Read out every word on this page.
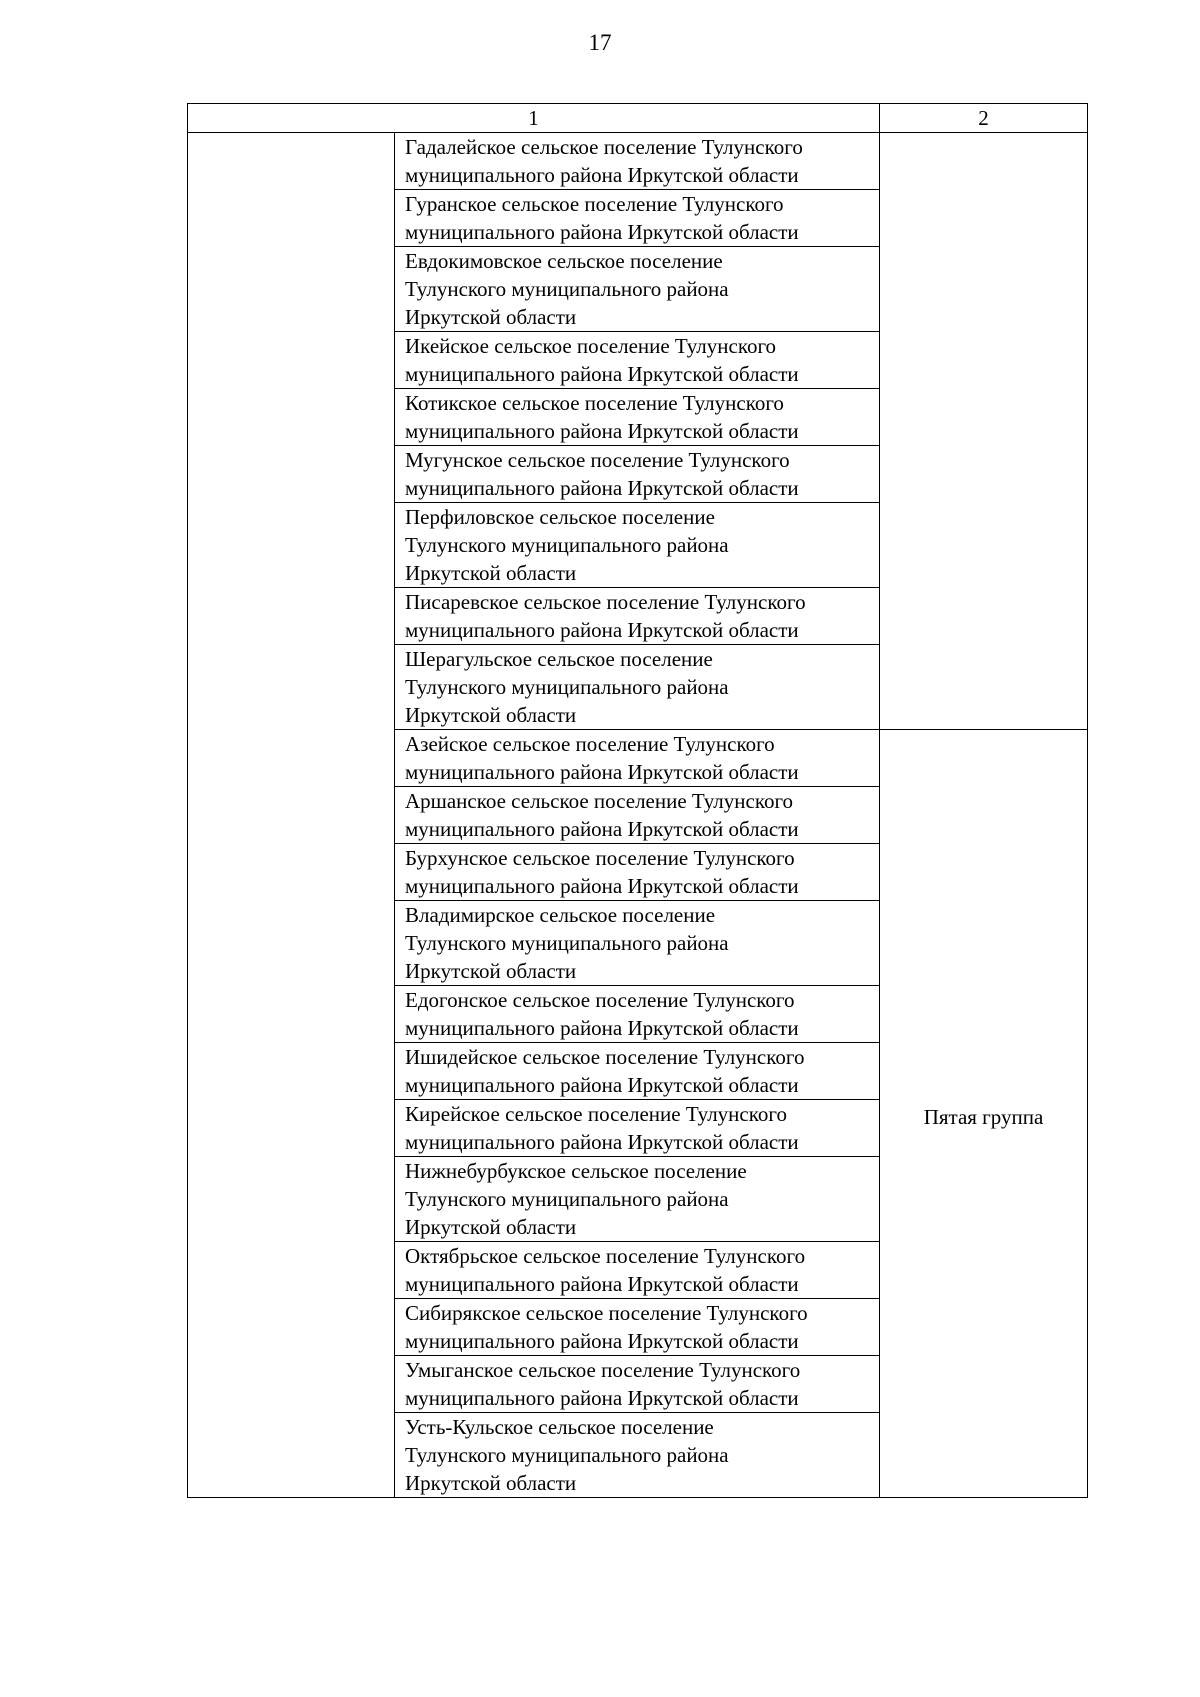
17
1		2

	Гадалейское сельское поселение Тулунского
муниципального района Иркутской области	

	Гуранское сельское поселение Тулунского
муниципального района Иркутской области	

	Евдокимовское сельское поселение
Тулунского муниципального района
Иркутской области	

	Икейское сельское поселение Тулунского
муниципального района Иркутской области	

	Котикское сельское поселение Тулунского
муниципального района Иркутской области	

	Мугунское сельское поселение Тулунского
муниципального района Иркутской области	

	Перфиловское сельское поселение
Тулунского муниципального района
Иркутской области	

	Писаревское сельское поселение Тулунского
муниципального района Иркутской области	

	Шерагульское сельское поселение
Тулунского муниципального района
Иркутской области	

	Азейское сельское поселение Тулунского
муниципального района Иркутской области	Пятая группа

	Аршанское сельское поселение Тулунского
муниципального района Иркутской области	

	Бурхунское сельское поселение Тулунского
муниципального района Иркутской области	

	Владимирское сельское поселение
Тулунского муниципального района
Иркутской области	

	Едогонское сельское поселение Тулунского
муниципального района Иркутской области	

	Ишидейское сельское поселение Тулунского
муниципального района Иркутской области	

	Кирейское сельское поселение Тулунского
муниципального района Иркутской области	

	Нижнебурбукское сельское поселение
Тулунского муниципального района
Иркутской области	

	Октябрьское сельское поселение Тулунского
муниципального района Иркутской области	

	Сибирякское сельское поселение Тулунского
муниципального района Иркутской области	

	Умыганское сельское поселение Тулунского
муниципального района Иркутской области	

	Усть-Кульское сельское поселение
Тулунского муниципального района
Иркутской области	
